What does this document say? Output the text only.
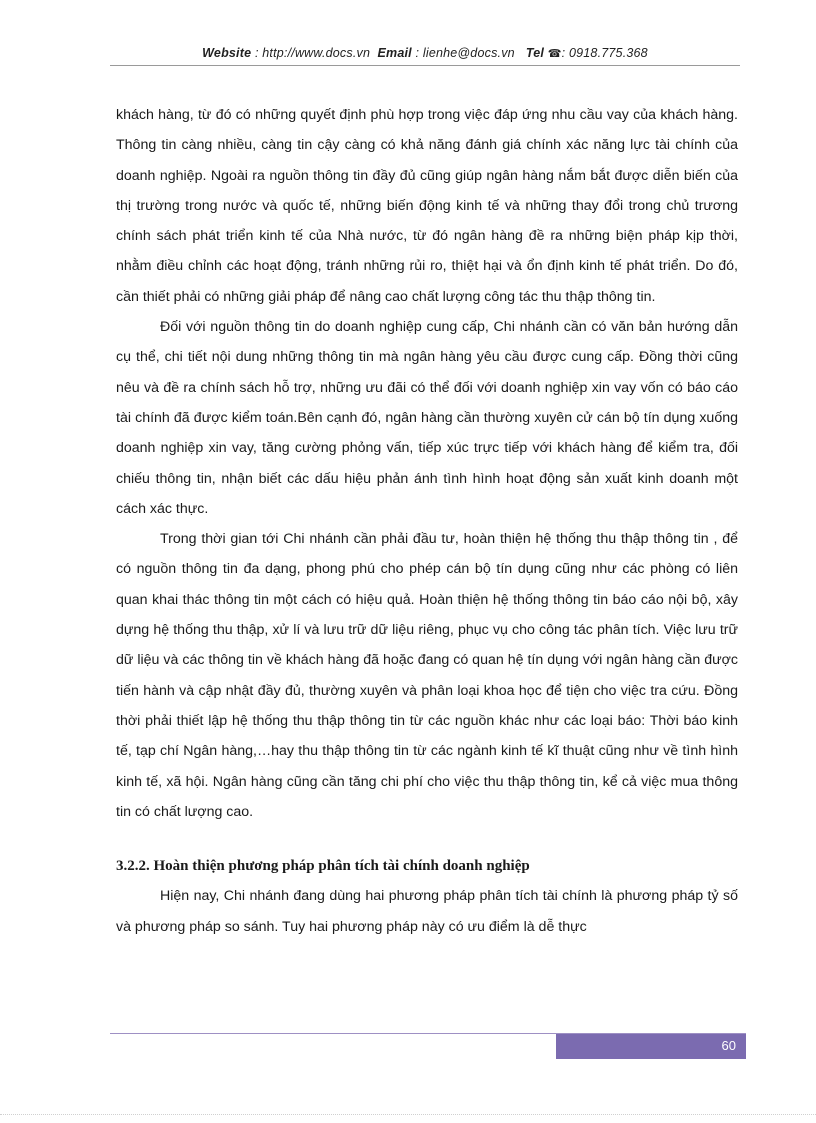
Website : http://www.docs.vn Email : lienhe@docs.vn Tel ☎: 0918.775.368

khách hàng, từ đó có những quyết định phù hợp trong việc đáp ứng nhu cầu vay của khách hàng. Thông tin càng nhiều, càng tin cậy càng có khả năng đánh giá chính xác năng lực tài chính của doanh nghiệp. Ngoài ra nguồn thông tin đầy đủ cũng giúp ngân hàng nắm bắt được diễn biến của thị trường trong nước và quốc tế, những biến động kinh tế và những thay đổi trong chủ trương chính sách phát triển kinh tế của Nhà nước, từ đó ngân hàng đề ra những biện pháp kịp thời, nhằm điều chỉnh các hoạt động, tránh những rủi ro, thiệt hại và ổn định kinh tế phát triển. Do đó, cần thiết phải có những giải pháp để nâng cao chất lượng công tác thu thập thông tin.

Đối với nguồn thông tin do doanh nghiệp cung cấp, Chi nhánh cần có văn bản hướng dẫn cụ thể, chi tiết nội dung những thông tin mà ngân hàng yêu cầu được cung cấp. Đồng thời cũng nêu và đề ra chính sách hỗ trợ, những ưu đãi có thể đối với doanh nghiệp xin vay vốn có báo cáo tài chính đã được kiểm toán.Bên cạnh đó, ngân hàng cần thường xuyên cử cán bộ tín dụng xuống doanh nghiệp xin vay, tăng cường phỏng vấn, tiếp xúc trực tiếp với khách hàng để kiểm tra, đối chiếu thông tin, nhận biết các dấu hiệu phản ánh tình hình hoạt động sản xuất kinh doanh một cách xác thực.

Trong thời gian tới Chi nhánh cần phải đầu tư, hoàn thiện hệ thống thu thập thông tin , để có nguồn thông tin đa dạng, phong phú cho phép cán bộ tín dụng cũng như các phòng có liên quan khai thác thông tin một cách có hiệu quả. Hoàn thiện hệ thống thông tin báo cáo nội bộ, xây dựng hệ thống thu thập, xử lí và lưu trữ dữ liệu riêng, phục vụ cho công tác phân tích. Việc lưu trữ dữ liệu và các thông tin về khách hàng đã hoặc đang có quan hệ tín dụng với ngân hàng cần được tiến hành và cập nhật đầy đủ, thường xuyên và phân loại khoa học để tiện cho việc tra cứu. Đồng thời phải thiết lập hệ thống thu thập thông tin từ các nguồn khác như các loại báo: Thời báo kinh tế, tạp chí Ngân hàng,…hay thu thập thông tin từ các ngành kinh tế kĩ thuật cũng như về tình hình kinh tế, xã hội. Ngân hàng cũng cần tăng chi phí cho việc thu thập thông tin, kể cả việc mua thông tin có chất lượng cao.

3.2.2. Hoàn thiện phương pháp phân tích tài chính doanh nghiệp

Hiện nay, Chi nhánh đang dùng hai phương pháp phân tích tài chính là phương pháp tỷ số và phương pháp so sánh. Tuy hai phương pháp này có ưu điểm là dễ thực

60
